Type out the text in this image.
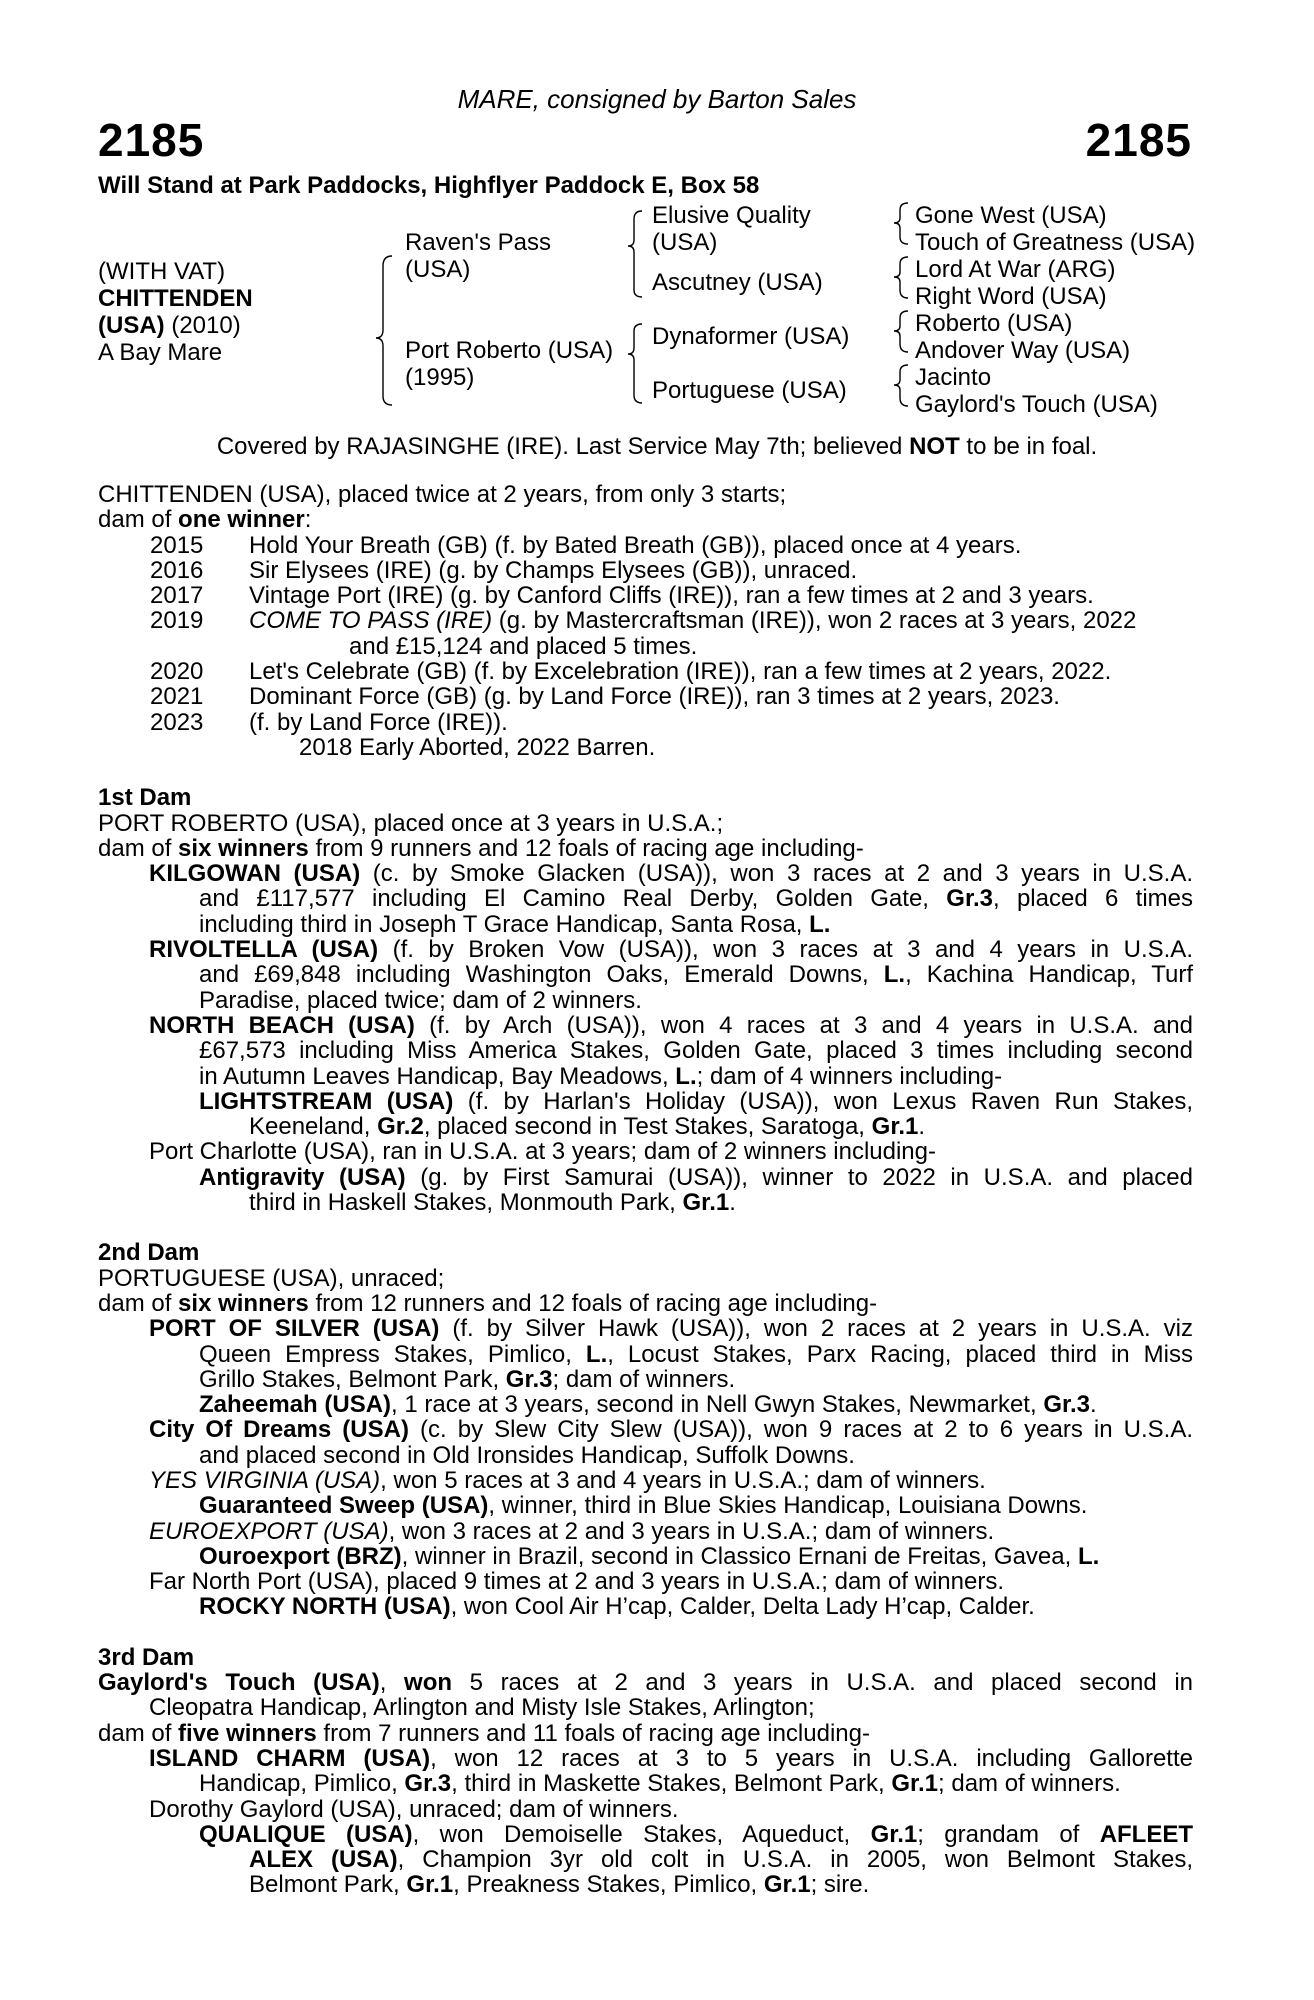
MARE, consigned by Barton Sales
2185	2185
Will Stand at Park Paddocks, Highflyer Paddock E, Box 58
(WITH VAT)
CHITTENDEN
(USA) (2010)
A Bay Mare
Raven's Pass
(USA)
Port Roberto (USA)
(1995)
Elusive Quality
(USA)
Ascutney (USA)
Dynaformer (USA)
Portuguese (USA)
Gone West (USA)
Touch of Greatness (USA)
Lord At War (ARG)
Right Word (USA)
Roberto (USA)
Andover Way (USA)
Jacinto
Gaylord's Touch (USA)
Covered by RAJASINGHE (IRE). Last Service May 7th; believed NOT to be in foal.

CHITTENDEN (USA), placed twice at 2 years, from only 3 starts;

dam of one winner:

2015 Hold Your Breath (GB) (f. by Bated Breath (GB)), placed once at 4 years.
2016 Sir Elysees (IRE) (g. by Champs Elysees (GB)), unraced.
2017 Vintage Port (IRE) (g. by Canford Cliffs (IRE)), ran a few times at 2 and 3 years.
2019 COME TO PASS (IRE) (g. by Mastercraftsman (IRE)), won 2 races at 3 years, 2022

and £15,124 and placed 5 times.

2020 Let's Celebrate (GB) (f. by Excelebration (IRE)), ran a few times at 2 years, 2022.
2021 Dominant Force (GB) (g. by Land Force (IRE)), ran 3 times at 2 years, 2023.
2023 (f. by Land Force (IRE)).

2018 Early Aborted, 2022 Barren.

1st Dam

PORT ROBERTO (USA), placed once at 3 years in U.S.A.;

dam of six winners from 9 runners and 12 foals of racing age including-

KILGOWAN (USA) (c. by Smoke Glacken (USA)), won 3 races at 2 and 3 years in U.S.A.

and £117,577 including El Camino Real Derby, Golden Gate, Gr.3, placed 6 times

including third in Joseph T Grace Handicap, Santa Rosa, L.

RIVOLTELLA (USA) (f. by Broken Vow (USA)), won 3 races at 3 and 4 years in U.S.A.

and £69,848 including Washington Oaks, Emerald Downs, L., Kachina Handicap, Turf

Paradise, placed twice; dam of 2 winners.

NORTH BEACH (USA) (f. by Arch (USA)), won 4 races at 3 and 4 years in U.S.A. and

£67,573 including Miss America Stakes, Golden Gate, placed 3 times including second

in Autumn Leaves Handicap, Bay Meadows, L.; dam of 4 winners including-

LIGHTSTREAM (USA) (f. by Harlan's Holiday (USA)), won Lexus Raven Run Stakes,

Keeneland, Gr.2, placed second in Test Stakes, Saratoga, Gr.1.

Port Charlotte (USA), ran in U.S.A. at 3 years; dam of 2 winners including-

Antigravity (USA) (g. by First Samurai (USA)), winner to 2022 in U.S.A. and placed

third in Haskell Stakes, Monmouth Park, Gr.1.

2nd Dam

PORTUGUESE (USA), unraced;

dam of six winners from 12 runners and 12 foals of racing age including-

PORT OF SILVER (USA) (f. by Silver Hawk (USA)), won 2 races at 2 years in U.S.A. viz

Queen Empress Stakes, Pimlico, L., Locust Stakes, Parx Racing, placed third in Miss

Grillo Stakes, Belmont Park, Gr.3; dam of winners.

Zaheemah (USA), 1 race at 3 years, second in Nell Gwyn Stakes, Newmarket, Gr.3.

City Of Dreams (USA) (c. by Slew City Slew (USA)), won 9 races at 2 to 6 years in U.S.A.

and placed second in Old Ironsides Handicap, Suffolk Downs.

YES VIRGINIA (USA), won 5 races at 3 and 4 years in U.S.A.; dam of winners.

Guaranteed Sweep (USA), winner, third in Blue Skies Handicap, Louisiana Downs.

EUROEXPORT (USA), won 3 races at 2 and 3 years in U.S.A.; dam of winners.

Ouroexport (BRZ), winner in Brazil, second in Classico Ernani de Freitas, Gavea, L.

Far North Port (USA), placed 9 times at 2 and 3 years in U.S.A.; dam of winners.

ROCKY NORTH (USA), won Cool Air H’cap, Calder, Delta Lady H’cap, Calder.

3rd Dam

Gaylord's Touch (USA), won 5 races at 2 and 3 years in U.S.A. and placed second in

Cleopatra Handicap, Arlington and Misty Isle Stakes, Arlington;

dam of five winners from 7 runners and 11 foals of racing age including-

ISLAND CHARM (USA), won 12 races at 3 to 5 years in U.S.A. including Gallorette

Handicap, Pimlico, Gr.3, third in Maskette Stakes, Belmont Park, Gr.1; dam of winners.

Dorothy Gaylord (USA), unraced; dam of winners.

QUALIQUE (USA), won Demoiselle Stakes, Aqueduct, Gr.1; grandam of AFLEET

ALEX (USA), Champion 3yr old colt in U.S.A. in 2005, won Belmont Stakes,

Belmont Park, Gr.1, Preakness Stakes, Pimlico, Gr.1; sire.
